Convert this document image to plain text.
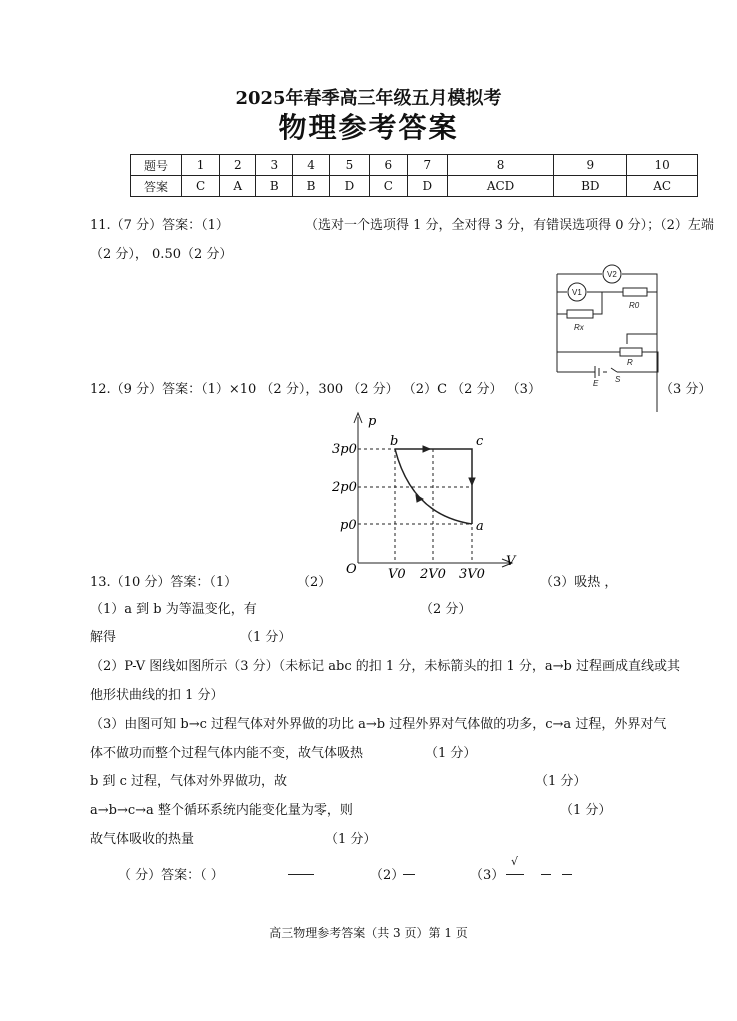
2025年春季高三年级五月模拟考
物理参考答案
题号	1	2	3	4	5	6	7	8	9	10
答案	C	A	B	B	D	C	D	ACD	BD	AC
11.（7 分）答案：（1）	（选对一个选项得 1 分，全对得 3 分，有错误选项得 0 分）；（2）左端
（2 分）， 0.50（2 分）
V2
V1
R0
Rx
R
E S
12.（9 分）答案：（1）×10 （2 分），300 （2 分） （2）C （2 分） （3）	（3 分）
p
V
O
3p0
2p0
p0
V0 2V0 3V0
b	c
a
13.（10 分）答案：（1）	（2）	（3）吸热 ，
（1）a 到 b 为等温变化，有	（2 分）
解得	（1 分）
（2）P-V 图线如图所示（3 分）（未标记 abc 的扣 1 分，未标箭头的扣 1 分，a→b 过程画成直线或其
他形状曲线的扣 1 分）
（3）由图可知 b→c 过程气体对外界做的功比 a→b 过程外界对气体做的功多，c→a 过程，外界对气
体不做功而整个过程气体内能不变，故气体吸热	（1 分）
b 到 c 过程，气体对外界做功，故	（1 分）
a→b→c→a 整个循环系统内能变化量为零，则	（1 分）
故气体吸收的热量	（1 分）
（ 分）答案：（ ）	（2）	（3）
√
高三物理参考答案（共 3 页）第 1 页
